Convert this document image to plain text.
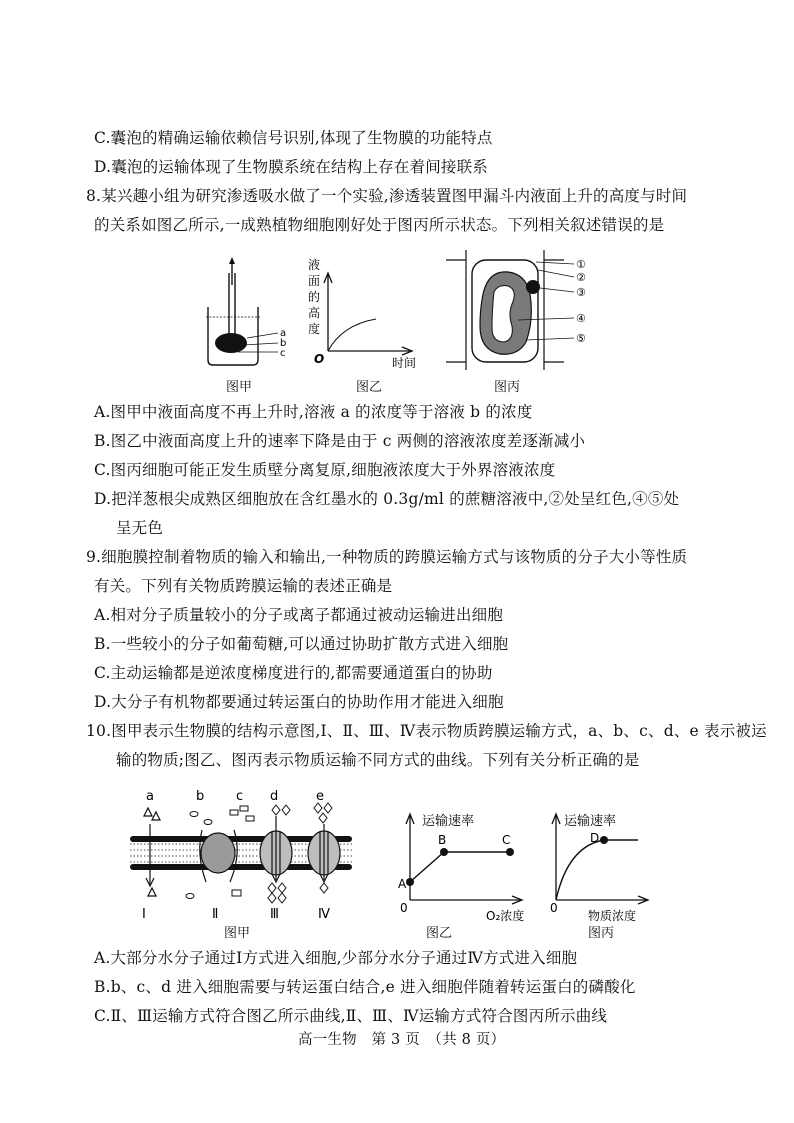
C.囊泡的精确运输依赖信号识别,体现了生物膜的功能特点
D.囊泡的运输体现了生物膜系统在结构上存在着间接联系
8.某兴趣小组为研究渗透吸水做了一个实验,渗透装置图甲漏斗内液面上升的高度与时间
的关系如图乙所示,一成熟植物细胞刚好处于图丙所示状态。下列相关叙述错误的是
a
b
c
图甲
液
面
的
高
度
O	时间
图乙
①
②
③
④
⑤
图丙
A.图甲中液面高度不再上升时,溶液 a 的浓度等于溶液 b 的浓度
B.图乙中液面高度上升的速率下降是由于 c 两侧的溶液浓度差逐渐减小
C.图丙细胞可能正发生质壁分离复原,细胞液浓度大于外界溶液浓度
D.把洋葱根尖成熟区细胞放在含红墨水的 0.3g/ml 的蔗糖溶液中,②处呈红色,④⑤处
呈无色
9.细胞膜控制着物质的输入和输出,一种物质的跨膜运输方式与该物质的分子大小等性质
有关。下列有关物质跨膜运输的表述正确是
A.相对分子质量较小的分子或离子都通过被动运输进出细胞
B.一些较小的分子如葡萄糖,可以通过协助扩散方式进入细胞
C.主动运输都是逆浓度梯度进行的,都需要通道蛋白的协助
D.大分子有机物都要通过转运蛋白的协助作用才能进入细胞
10.图甲表示生物膜的结构示意图,Ⅰ、Ⅱ、Ⅲ、Ⅳ表示物质跨膜运输方式，a、b、c、d、e 表示被运
输的物质;图乙、图丙表示物质运输不同方式的曲线。下列有关分析正确的是
a	b c d	e
Ⅰ	Ⅱ	Ⅲ	Ⅳ
图甲
运输速率
A
B	C
0
O₂浓度
图乙
运输速率
D
0
物质浓度
图丙
A.大部分水分子通过Ⅰ方式进入细胞,少部分水分子通过Ⅳ方式进入细胞
B.b、c、d 进入细胞需要与转运蛋白结合,e 进入细胞伴随着转运蛋白的磷酸化
C.Ⅱ、Ⅲ运输方式符合图乙所示曲线,Ⅱ、Ⅲ、Ⅳ运输方式符合图丙所示曲线
高一生物　第 3 页　（共 8 页）
